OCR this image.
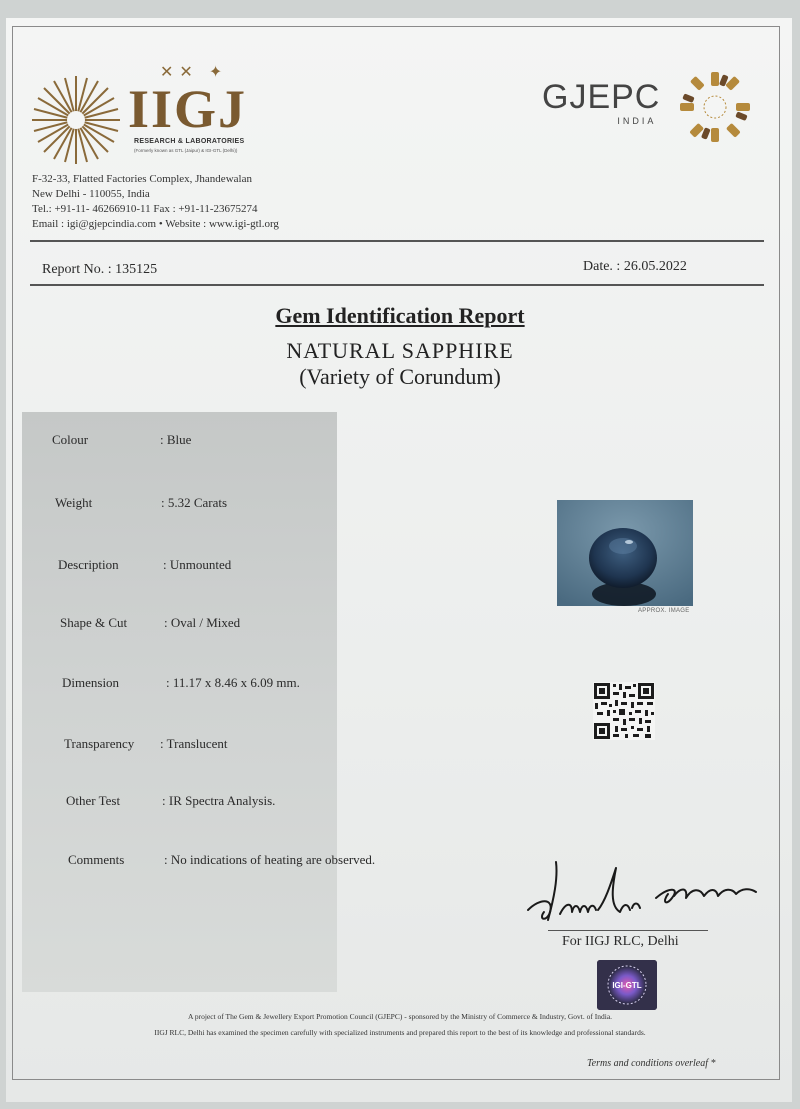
✕✕ ✦
IIGJ
RESEARCH & LABORATORIES
(Formerly known as GTL (Jaipur) & IGI-GTL (Delhi))
F-32-33, Flatted Factories Complex, Jhandewalan
New Delhi - 110055, India
Tel.: +91-11- 46266910-11 Fax : +91-11-23675274
Email : igi@gjepcindia.com • Website : www.igi-gtl.org
GJEPC
INDIA
Report No. : 135125	Date. : 26.05.2022
Gem Identification Report
NATURAL SAPPHIRE
(Variety of Corundum)
Colour	: Blue
Weight	: 5.32 Carats
Description	: Unmounted
Shape & Cut	: Oval / Mixed
Dimension	: 11.17 x 8.46 x 6.09 mm.
Transparency : Translucent
Other Test	: IR Spectra Analysis.
Comments	: No indications of heating are observed.
APPROX. IMAGE
For IIGJ RLC, Delhi
IGI-GTL
A project of The Gem & Jewellery Export Promotion Council (GJEPC) - sponsored by the Ministry of Commerce & Industry, Govt. of India.
IIGJ RLC, Delhi has examined the specimen carefully with specialized instruments and prepared this report to the best of its knowledge and professional standards.
Terms and conditions overleaf *
